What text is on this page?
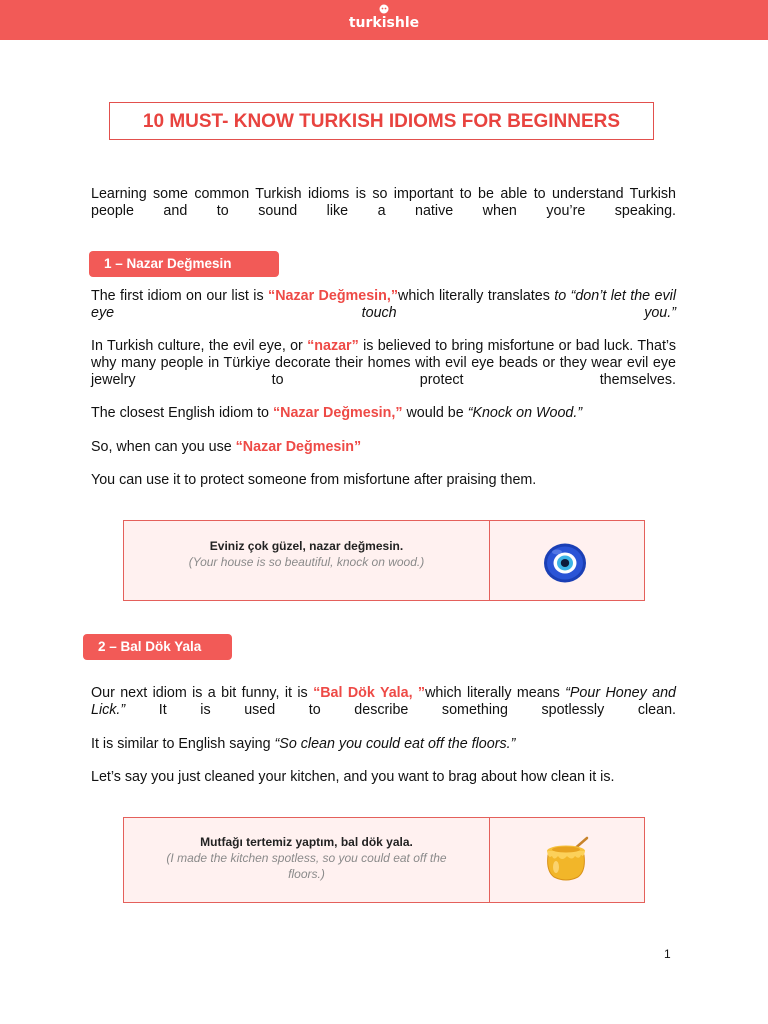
turkishle
10 MUST- KNOW TURKISH IDIOMS FOR BEGINNERS

Learning some common Turkish idioms is so important to be able to understand Turkish people and to sound like a native when you’re speaking.

1 – Nazar Değmesin

The first idiom on our list is “Nazar Değmesin,”which literally translates to “don’t let the evil eye touch you.”

In Turkish culture, the evil eye, or “nazar” is believed to bring misfortune or bad luck. That’s why many people in Türkiye decorate their homes with evil eye beads or they wear evil eye jewelry to protect themselves.

The closest English idiom to “Nazar Değmesin,” would be “Knock on Wood.”

So, when can you use “Nazar Değmesin”

You can use it to protect someone from misfortune after praising them.

Eviniz çok güzel, nazar değmesin.
(Your house is so beautiful, knock on wood.)
2 – Bal Dök Yala

Our next idiom is a bit funny, it is “Bal Dök Yala, ”which literally means “Pour Honey and Lick.” It is used to describe something spotlessly clean.

It is similar to English saying “So clean you could eat off the floors.”

Let’s say you just cleaned your kitchen, and you want to brag about how clean it is.

Mutfağı tertemiz yaptım, bal dök yala.
(I made the kitchen spotless, so you could eat off the floors.)
1
